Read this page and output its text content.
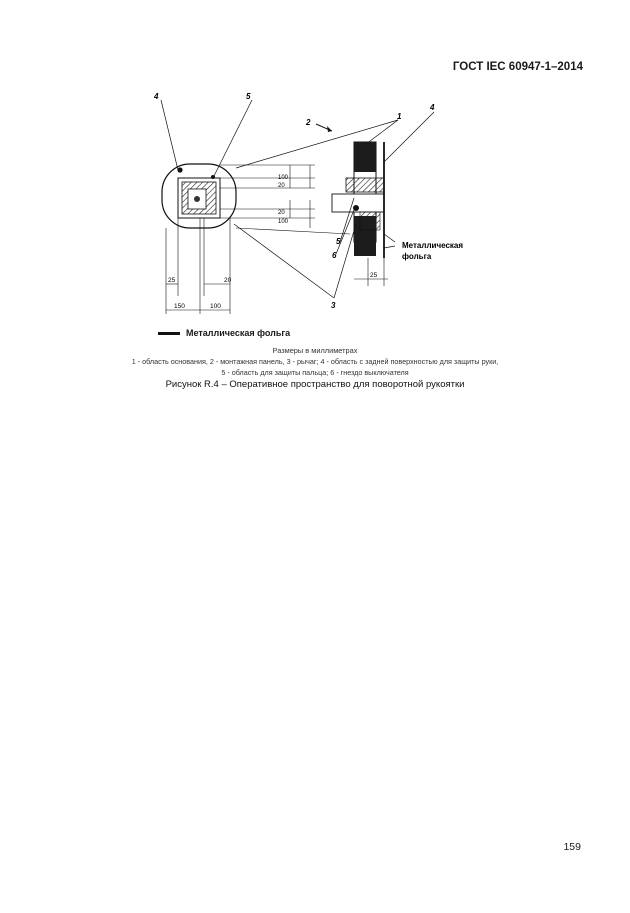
ГОСТ IEC 60947-1–2014
25	20
150	100
100
20
20
100
25
4	5
2
1
4
5
6
3
Металлическая
фольга
Металлическая фольга
Размеры в миллиметрах
1 - область основания, 2 - монтажная панель, 3 - рычаг; 4 - область с задней поверхностью для защиты руки,
5 - область для защиты пальца; 6 - гнездо выключателя
Рисунок R.4 – Оперативное пространство для поворотной рукоятки
159
